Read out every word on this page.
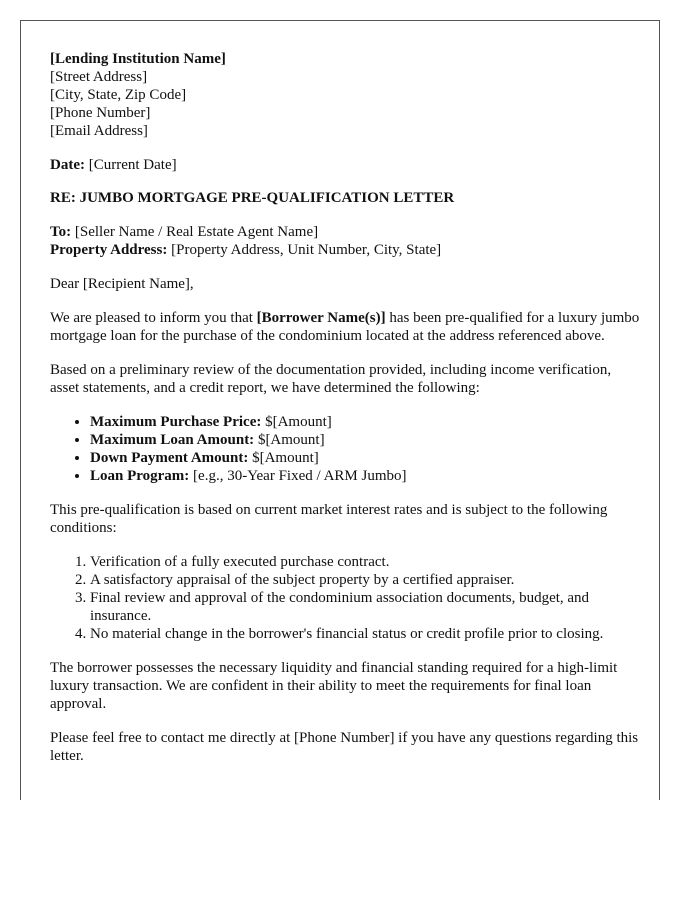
[Lending Institution Name]
[Street Address]
[City, State, Zip Code]
[Phone Number]
[Email Address]

Date: [Current Date]

RE: JUMBO MORTGAGE PRE-QUALIFICATION LETTER

To: [Seller Name / Real Estate Agent Name]

Property Address: [Property Address, Unit Number, City, State]

Dear [Recipient Name],

We are pleased to inform you that [Borrower Name(s)] has been pre-qualified for a luxury jumbo mortgage loan for the purchase of the condominium located at the address referenced above.

Based on a preliminary review of the documentation provided, including income verification, asset statements, and a credit report, we have determined the following:

• Maximum Purchase Price: $[Amount]
• Maximum Loan Amount: $[Amount]
• Down Payment Amount: $[Amount]
• Loan Program: [e.g., 30-Year Fixed / ARM Jumbo]

This pre-qualification is based on current market interest rates and is subject to the following conditions:

1. Verification of a fully executed purchase contract.
2. A satisfactory appraisal of the subject property by a certified appraiser.
3. Final review and approval of the condominium association documents, budget, and insurance.
4. No material change in the borrower's financial status or credit profile prior to closing.

The borrower possesses the necessary liquidity and financial standing required for a high-limit luxury transaction. We are confident in their ability to meet the requirements for final loan approval.

Please feel free to contact me directly at [Phone Number] if you have any questions regarding this letter.
